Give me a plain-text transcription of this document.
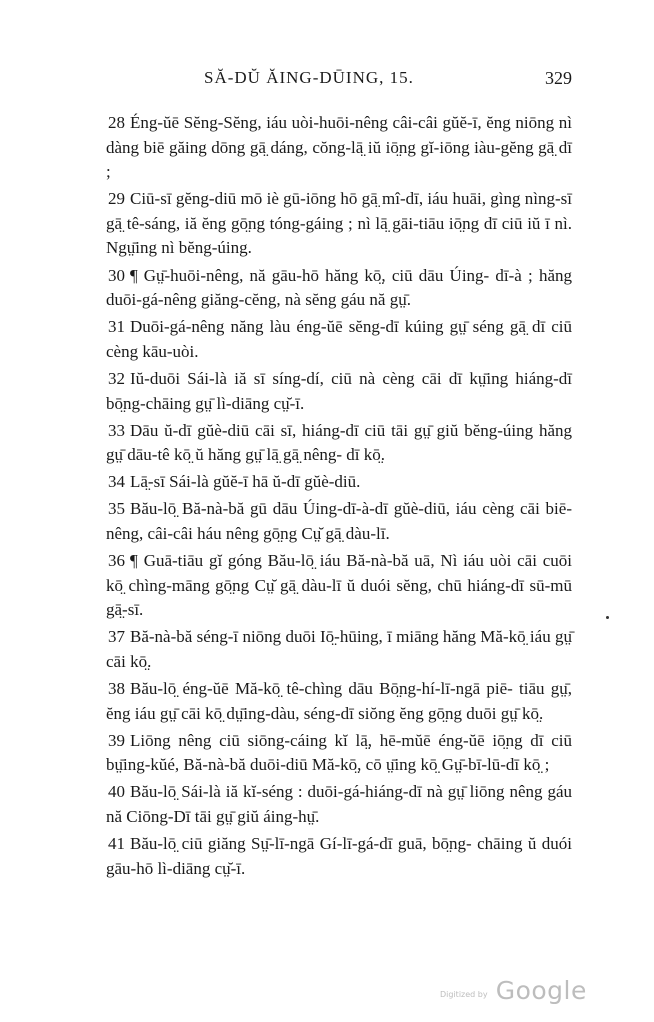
SĂ-DŬ ĂING-DŪING, 15.	329

28 Éng-ŭē Sĕng-Sĕng, iáu uòi-huōi-nêng câi-câi gŭĕ-ī, ĕng niōng nì dàng biē găing dōng gā̤ dáng, cŏng-lā̤ iŭ iō̤ng gĭ-iōng iàu-gĕng gā̤ dī ;

29 Ciū-sī gĕng-diū mō iè gū-iōng hō gā̤ mî-dī, iáu huāi, gìng nìng-sī gā̤ tê-sáng, iă ĕng gō̤ng tóng-gáing ; nì lā̤ gāi-tiāu iō̤ng dī ciū iŭ ī nì. Ngṳ̄ing nì bĕng-úing.

30 ¶ Gṳ̄-huōi-nêng, nă gāu-hō hăng kō̤, ciū dāu Úing- dī-à ; hăng duōi-gá-nêng giăng-cĕng, nà sĕng gáu nă gṳ̄.

31 Duōi-gá-nêng năng làu éng-ŭē sĕng-dī kúing gṳ̄ séng gā̤ dī ciū cèng kāu-uòi.

32 Iŭ-duōi Sái-là iă sī síng-dí, ciū nà cèng cāi dī kṳ̄ing hiáng-dī bō̤ng-chāing gṳ̄ lì-diāng cṳ̆-ī.

33 Dāu ŭ-dī gŭè-diū cāi sī, hiáng-dī ciū tāi gṳ̄ giŭ bĕng-úing hăng gṳ̄ dāu-tê kō̤ ŭ hăng gṳ̄ lā̤ gā̤ nêng- dī kō̤.

34 Lā̤-sī Sái-là gŭĕ-ī hā ŭ-dī gŭè-diū.

35 Bău-lō̤ Bă-nà-bă gū dāu Úing-dī-à-dī gŭè-diū, iáu cèng cāi biē-nêng, câi-câi háu nêng gō̤ng Cṳ̆ gā̤ dàu-lī.

36 ¶ Guā-tiāu gĭ góng Bău-lō̤ iáu Bă-nà-bă uā, Nì iáu uòi cāi cuōi kō̤ chìng-māng gō̤ng Cṳ̆ gā̤ dàu-lī ŭ duói sĕng, chū hiáng-dī sū-mū gā̤-sī.

37 Bă-nà-bă séng-ī niōng duōi Iō̤-hūing, ī miāng hăng Mă-kō̤ iáu gṳ̄ cāi kō̤.

38 Bău-lō̤ éng-ŭē Mă-kō̤ tê-chìng dāu Bō̤ng-hí-lī-ngā piē- tiāu gṳ̄, ĕng iáu gṳ̄ cāi kō̤ dṳ̄ing-dàu, séng-dī siŏng ĕng gō̤ng duōi gṳ̄ kō̤.

39 Liōng nêng ciū siōng-cáing kĭ lā̤, hē-mŭē éng-ŭē iō̤ng dī ciū bṳ̄ing-kŭé, Bă-nà-bă duōi-diū Mă-kō̤, cō ṳ̄ing kō̤ Gṳ̄-bī-lū-dī kō̤ ;

40 Bău-lō̤ Sái-là iă kĭ-séng : duōi-gá-hiáng-dī nà gṳ̄ liōng nêng gáu nă Ciōng-Dī tāi gṳ̄ giŭ áing-hṳ̄.

41 Bău-lō̤ ciū giăng Sṳ̄-lī-ngā Gí-lī-gá-dī guā, bō̤ng- chāing ŭ duói gāu-hō lì-diāng cṳ̆-ī.

Digitized by Google
